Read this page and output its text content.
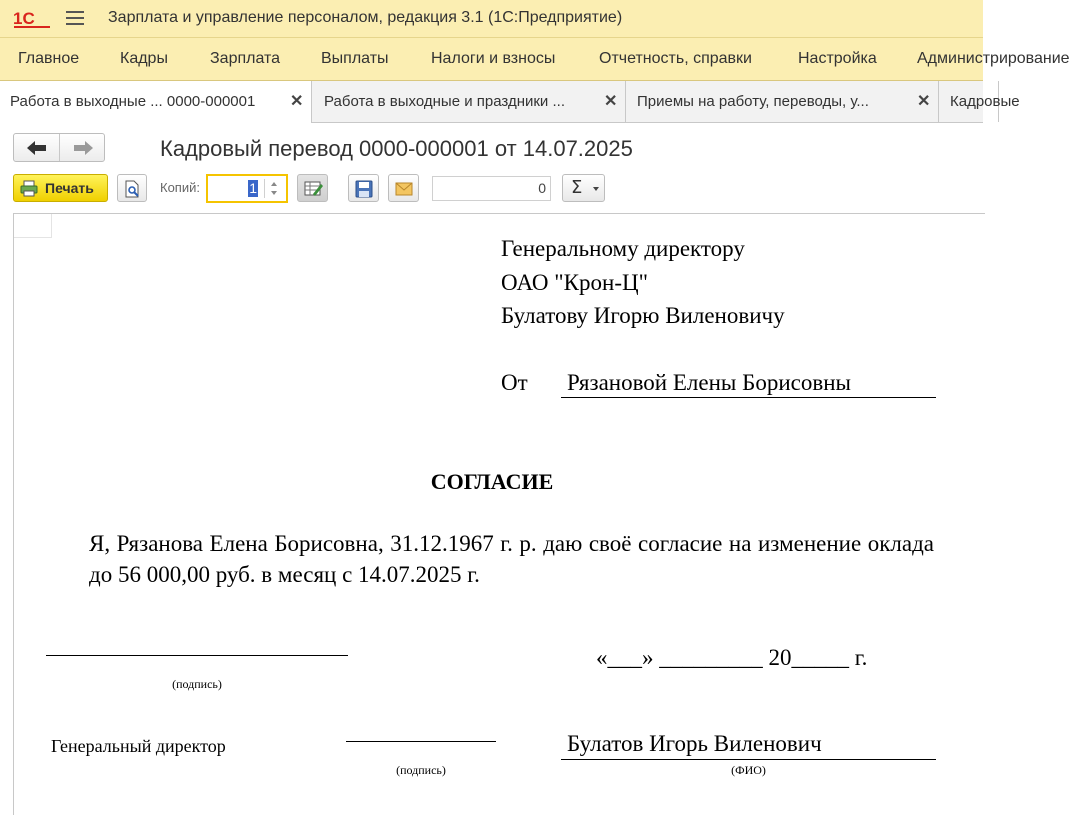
1С	Зарплата и управление персоналом, редакция 3.1 (1С:Предприятие)
Главное	Кадры	Зарплата	Выплаты	Налоги и взносы	Отчетность, справки	Настройка	Администрирование
Работа в выходные ... 0000-000001 ✕ Работа в выходные и праздники ... ✕ Приемы на работу, переводы, у...	✕ Кадровые
Кадровый перевод 0000-000001 от 14.07.2025
Печать	Копий:	1	0 Σ
Генеральному директору
ОАО "Крон-Ц"
Булатову Игорю Виленовичу
От Рязановой Елены Борисовны
СОГЛАСИЕ
Я, Рязанова Елена Борисовна, 31.12.1967 г. р. даю своё согласие на изменение оклада до 56 000,00 руб. в месяц с 14.07.2025 г.
(подпись)
«___» _________ 20_____ г.
Генеральный директор
(подпись)
Булатов Игорь Виленович
(ФИО)
